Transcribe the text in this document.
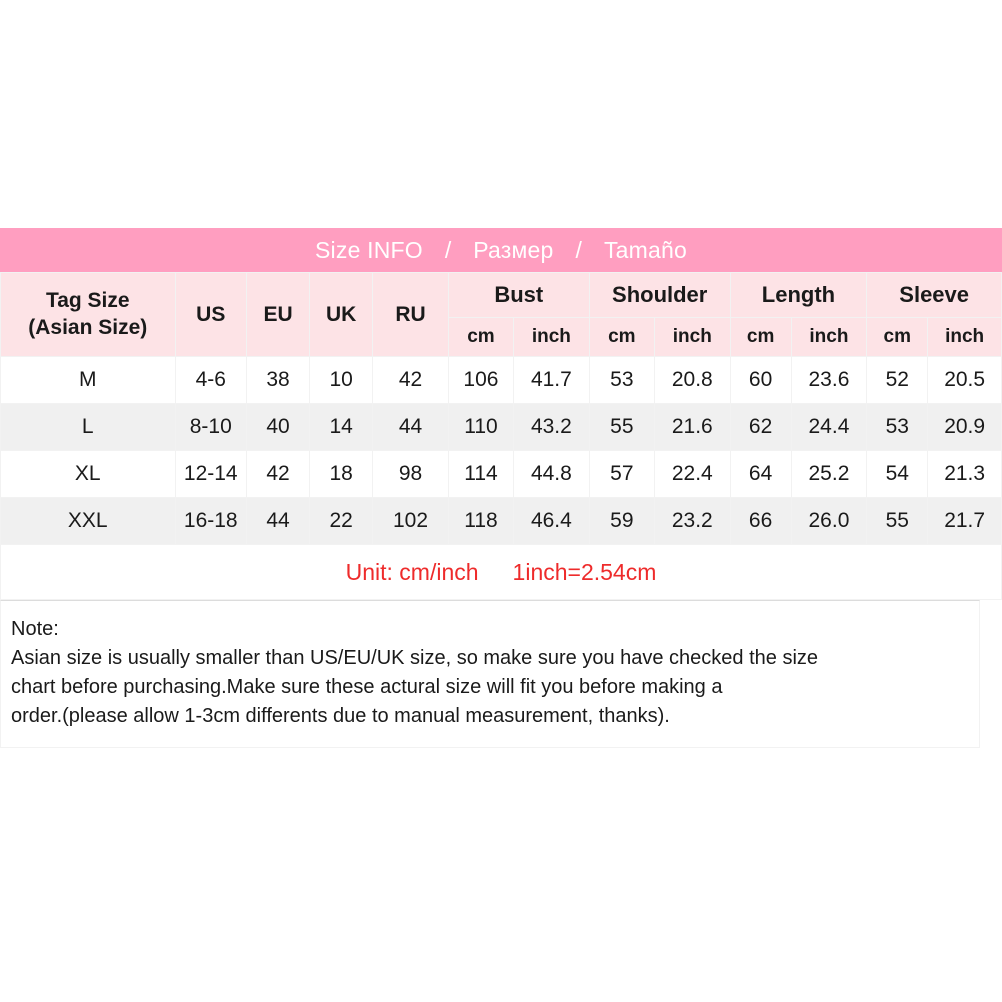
Size INFO / Размер / Tamaño
Tag Size
(Asian Size)	US	EU	UK	RU	Bust		Shoulder		Length		Sleeve	
					cm	inch	cm	inch	cm	inch	cm	inch
M	4-6	38	10	42	106	41.7	53	20.8	60	23.6	52	20.5
L	8-10	40	14	44	110	43.2	55	21.6	62	24.4	53	20.9
XL	12-14	42	18	98	114	44.8	57	22.4	64	25.2	54	21.3
XXL	16-18	44	22	102	118	46.4	59	23.2	66	26.0	55	21.7

Unit: cm/inch 1inch=2.54cm												
Note:
Asian size is usually smaller than US/EU/UK size, so make sure you have checked the size
chart before purchasing.Make sure these actural size will fit you before making a
order.(please allow 1-3cm differents due to manual measurement, thanks).
